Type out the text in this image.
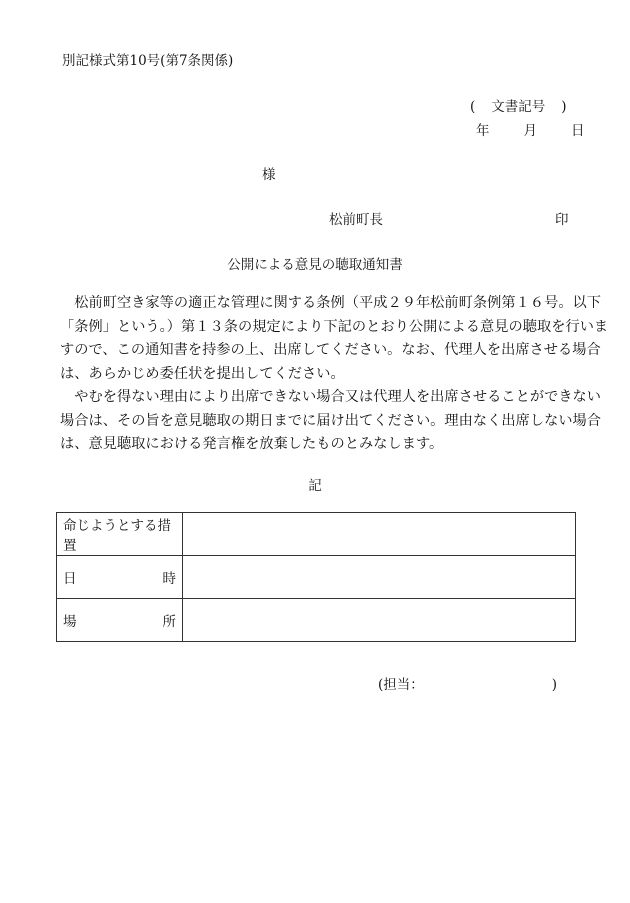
別記様式第10号(第7条関係)
( 文書記号 )
年	月	日
様
松前町長	印
公開による意見の聴取通知書

　松前町空き家等の適正な管理に関する条例（平成２９年松前町条例第１６号。以下
「条例」という。）第１３条の規定により下記のとおり公開による意見の聴取を行いま
すので、この通知書を持参の上、出席してください。なお、代理人を出席させる場合
は、あらかじめ委任状を提出してください。

　やむを得ない理由により出席できない場合又は代理人を出席させることができない
場合は、その旨を意見聴取の期日までに届け出てください。理由なく出席しない場合
は、意見聴取における発言権を放棄したものとみなします。

記
命じようとする措置	

日 時	

場 所	

(担当：	)
